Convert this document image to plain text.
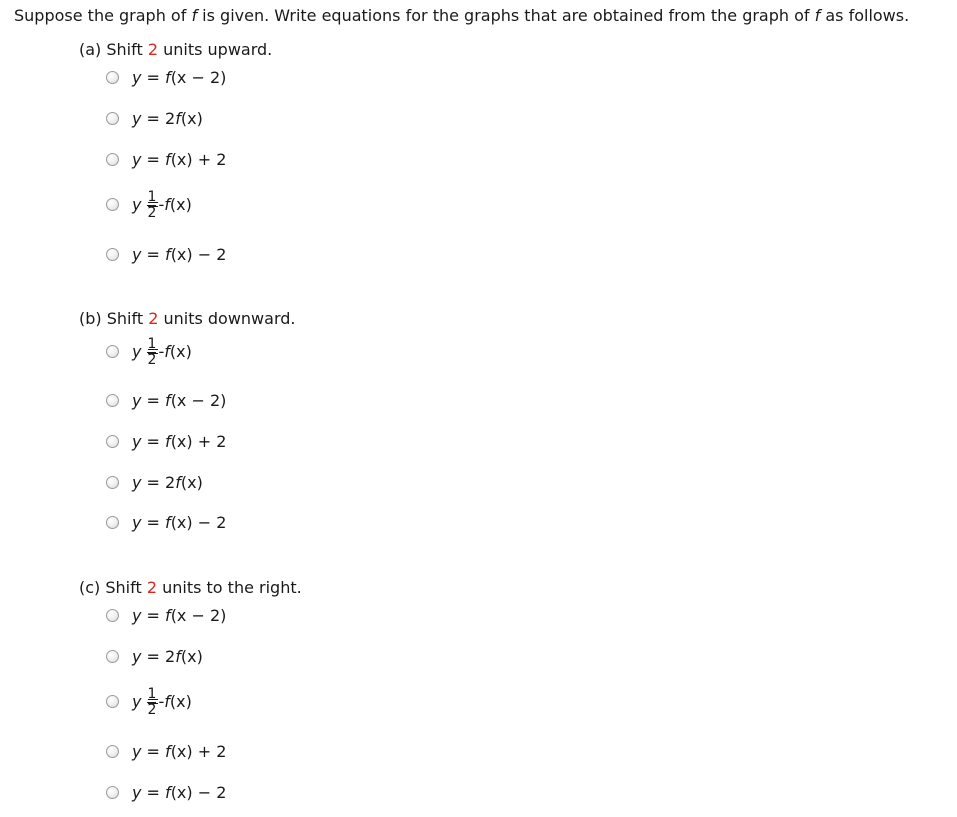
Suppose the graph of f is given. Write equations for the graphs that are obtained from the graph of f as follows.
(a) Shift 2 units upward.
y = f (x − 2)
y = 2 f (x)
y = f (x) + 2
y $\frac{1}{2}$ - f (x)
y = f (x) − 2
(b) Shift 2 units downward.
y $\frac{1}{2}$ - f (x)
y = f (x − 2)
y = f (x) + 2
y = 2 f (x)
y = f (x) − 2
(c) Shift 2 units to the right.
y = f (x − 2)
y = 2 f (x)
y $\frac{1}{2}$ - f (x)
y = f (x) + 2
y = f (x) − 2
